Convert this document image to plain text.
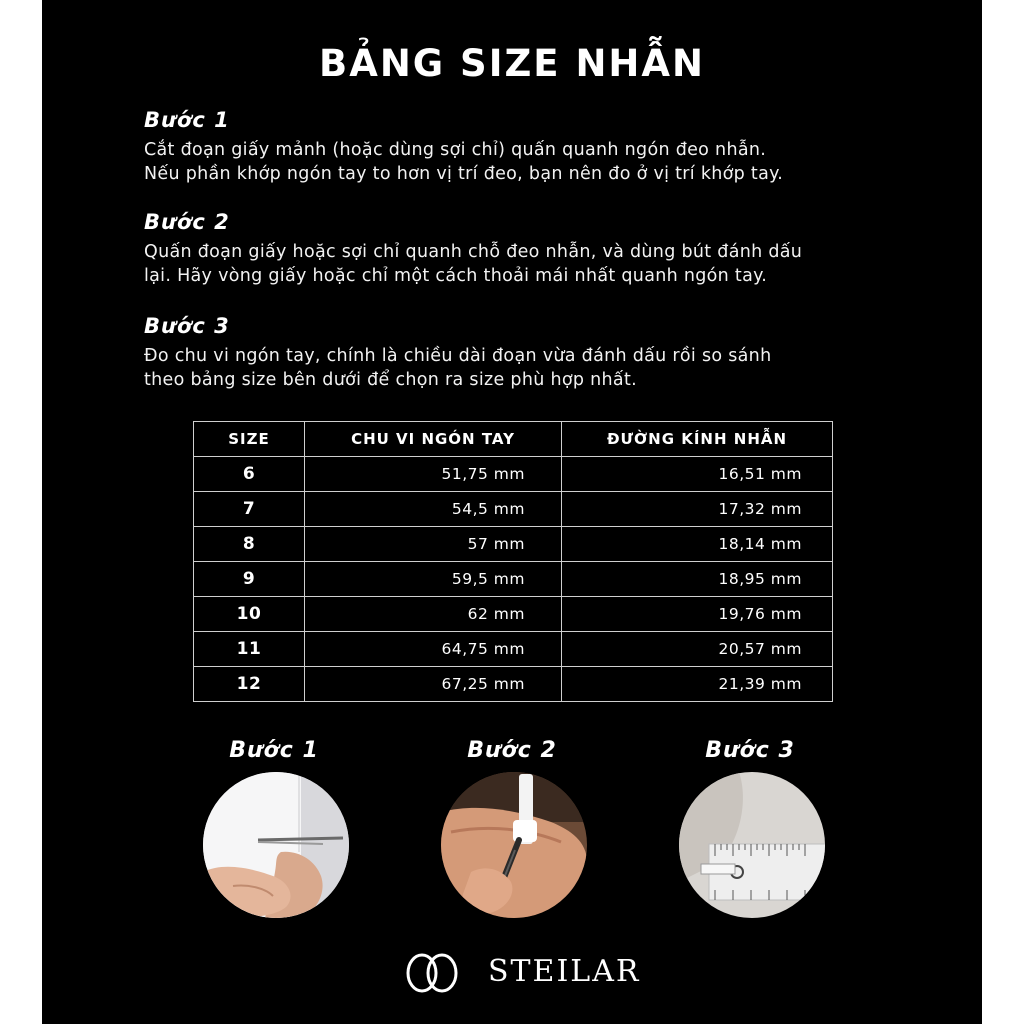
BẢNG SIZE NHẪN
Bước 1
Cắt đoạn giấy mảnh (hoặc dùng sợi chỉ) quấn quanh ngón đeo nhẫn.
Nếu phần khớp ngón tay to hơn vị trí đeo, bạn nên đo ở vị trí khớp tay.
Bước 2
Quấn đoạn giấy hoặc sợi chỉ quanh chỗ đeo nhẫn, và dùng bút đánh dấu
lại. Hãy vòng giấy hoặc chỉ một cách thoải mái nhất quanh ngón tay.
Bước 3
Đo chu vi ngón tay, chính là chiều dài đoạn vừa đánh dấu rồi so sánh
theo bảng size bên dưới để chọn ra size phù hợp nhất.
SIZE	CHU VI NGÓN TAY	ĐƯỜNG KÍNH NHẪN
6	51,75 mm	16,51 mm
7	54,5 mm	17,32 mm
8	57 mm	18,14 mm
9	59,5 mm	18,95 mm
10	62 mm	19,76 mm
11	64,75 mm	20,57 mm
12	67,25 mm	21,39 mm
Bước 1	Bước 2	Bước 3
STEILAR
